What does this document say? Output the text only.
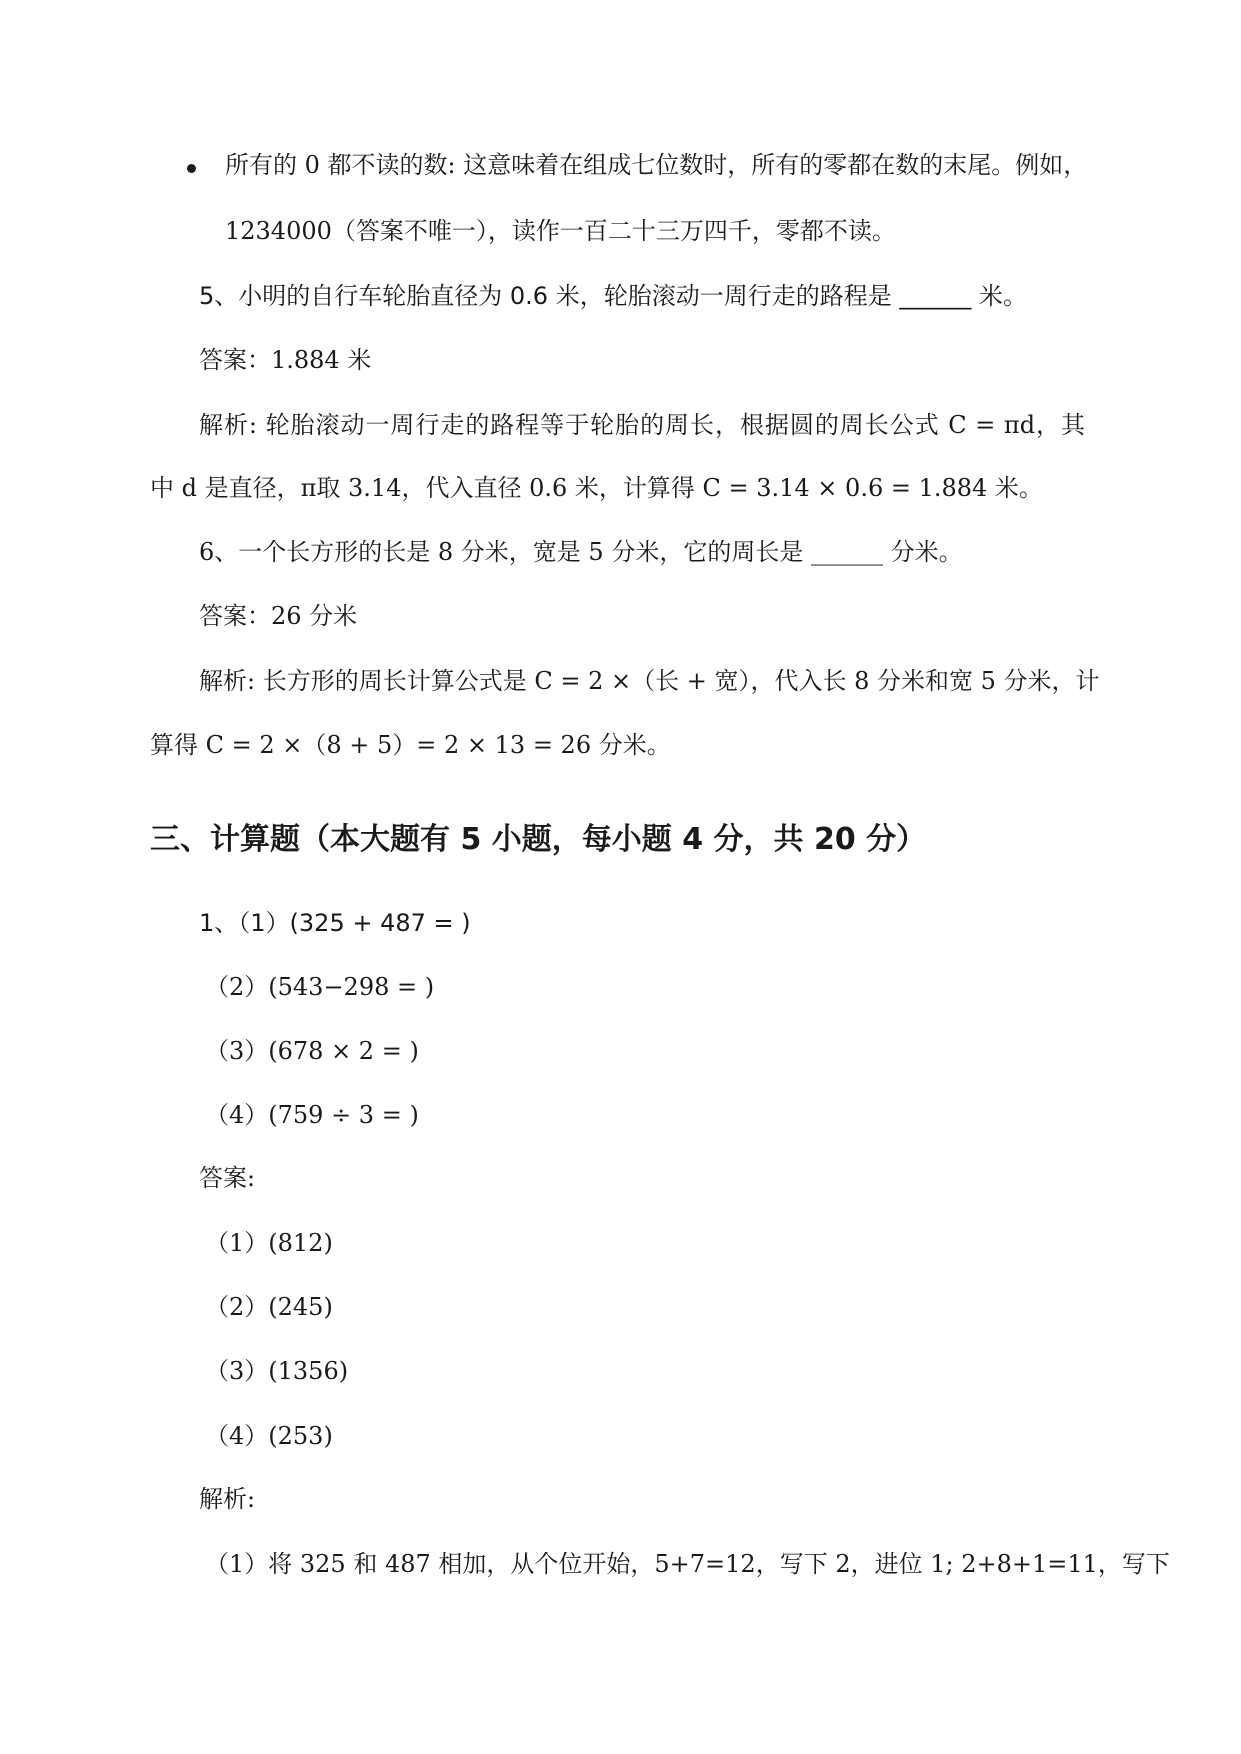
所有的 0 都不读的数: 这意味着在组成七位数时，所有的零都在数的末尾。例如，
1234000（答案不唯一），读作一百二十三万四千，零都不读。
5、小明的自行车轮胎直径为 0.6 米，轮胎滚动一周行走的路程是 ______ 米。
答案：1.884 米
解析: 轮胎滚动一周行走的路程等于轮胎的周长，根据圆的周长公式 C = πd，其
中 d 是直径，π取 3.14，代入直径 0.6 米，计算得 C = 3.14 × 0.6 = 1.884 米。
6、一个长方形的长是 8 分米，宽是 5 分米，它的周长是 ______ 分米。
答案：26 分米
解析: 长方形的周长计算公式是 C = 2 ×（长 + 宽），代入长 8 分米和宽 5 分米，计
算得 C = 2 ×（8 + 5）= 2 × 13 = 26 分米。
三、计算题（本大题有 5 小题，每小题 4 分，共 20 分）
1、（1）(325 + 487 = )
（2）(543−298 = )
（3）(678 × 2 = )
（4）(759 ÷ 3 = )
答案:
（1）(812)
（2）(245)
（3）(1356)
（4）(253)
解析:
（1）将 325 和 487 相加，从个位开始，5+7=12，写下 2，进位 1; 2+8+1=11，写下
